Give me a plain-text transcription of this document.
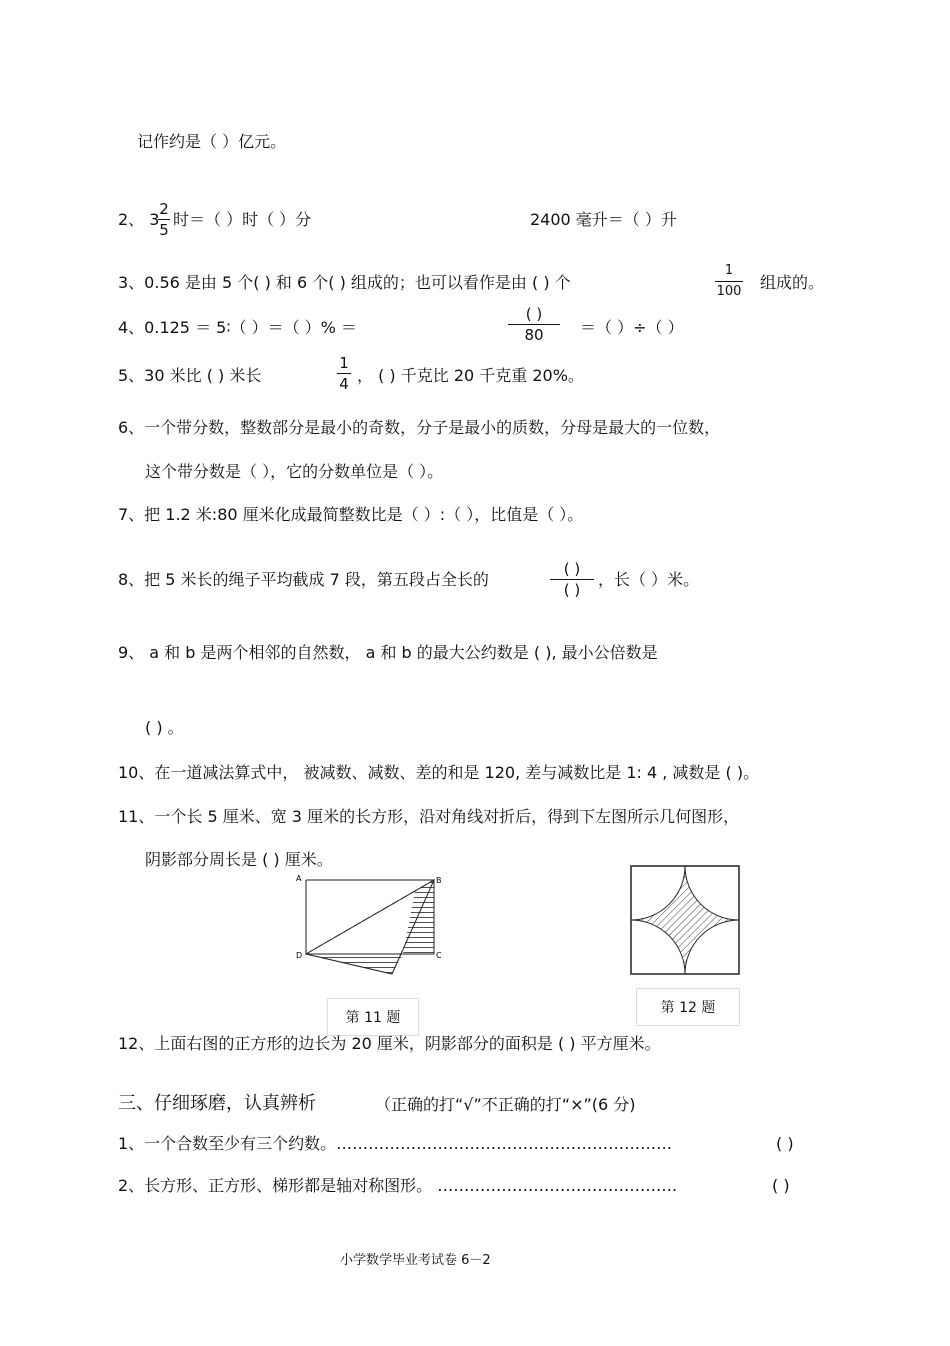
记作约是（ ）亿元。
2、 3
2
5
时＝（ ）时（ ）分	2400 毫升＝（ ）升
3、0.56 是由 5 个( ) 和 6 个( ) 组成的；也可以看作是由 ( ) 个
1
100 组成的。
4、0.125 ＝ 5∶（ ）＝（ ）% ＝
( )
80	＝（ ）÷（ ）
5、30 米比 ( ) 米长
1
4 ， ( ) 千克比 20 千克重 20%。
6、一个带分数，整数部分是最小的奇数，分子是最小的质数，分母是最大的一位数，
这个带分数是（ ），它的分数单位是（ ）。
7、把 1.2 米:80 厘米化成最简整数比是（ ）:（ ），比值是（ ）。
8、把 5 米长的绳子平均截成 7 段，第五段占全长的
( )
( )
，长（ ）米。
9、 a 和 b 是两个相邻的自然数， a 和 b 的最大公约数是 ( ), 最小公倍数是
( ) 。
10、在一道减法算式中， 被减数、减数、差的和是 120, 差与减数比是 1: 4 , 减数是 ( )。
11、一个长 5 厘米、宽 3 厘米的长方形，沿对角线对折后，得到下左图所示几何图形，
阴影部分周长是 ( ) 厘米。
A	B
C
D
第 11 题
第 12 题
12、上面右图的正方形的边长为 20 厘米，阴影部分的面积是 ( ) 平方厘米。
三、仔细琢磨，认真辨析	（正确的打“√”不正确的打“×”(6 分)
1、一个合数至少有三个约数。………………………………………………………	( )
2、长方形、正方形、梯形都是轴对称图形。 ………………………………………	( )
小学数学毕业考试卷 6－2
